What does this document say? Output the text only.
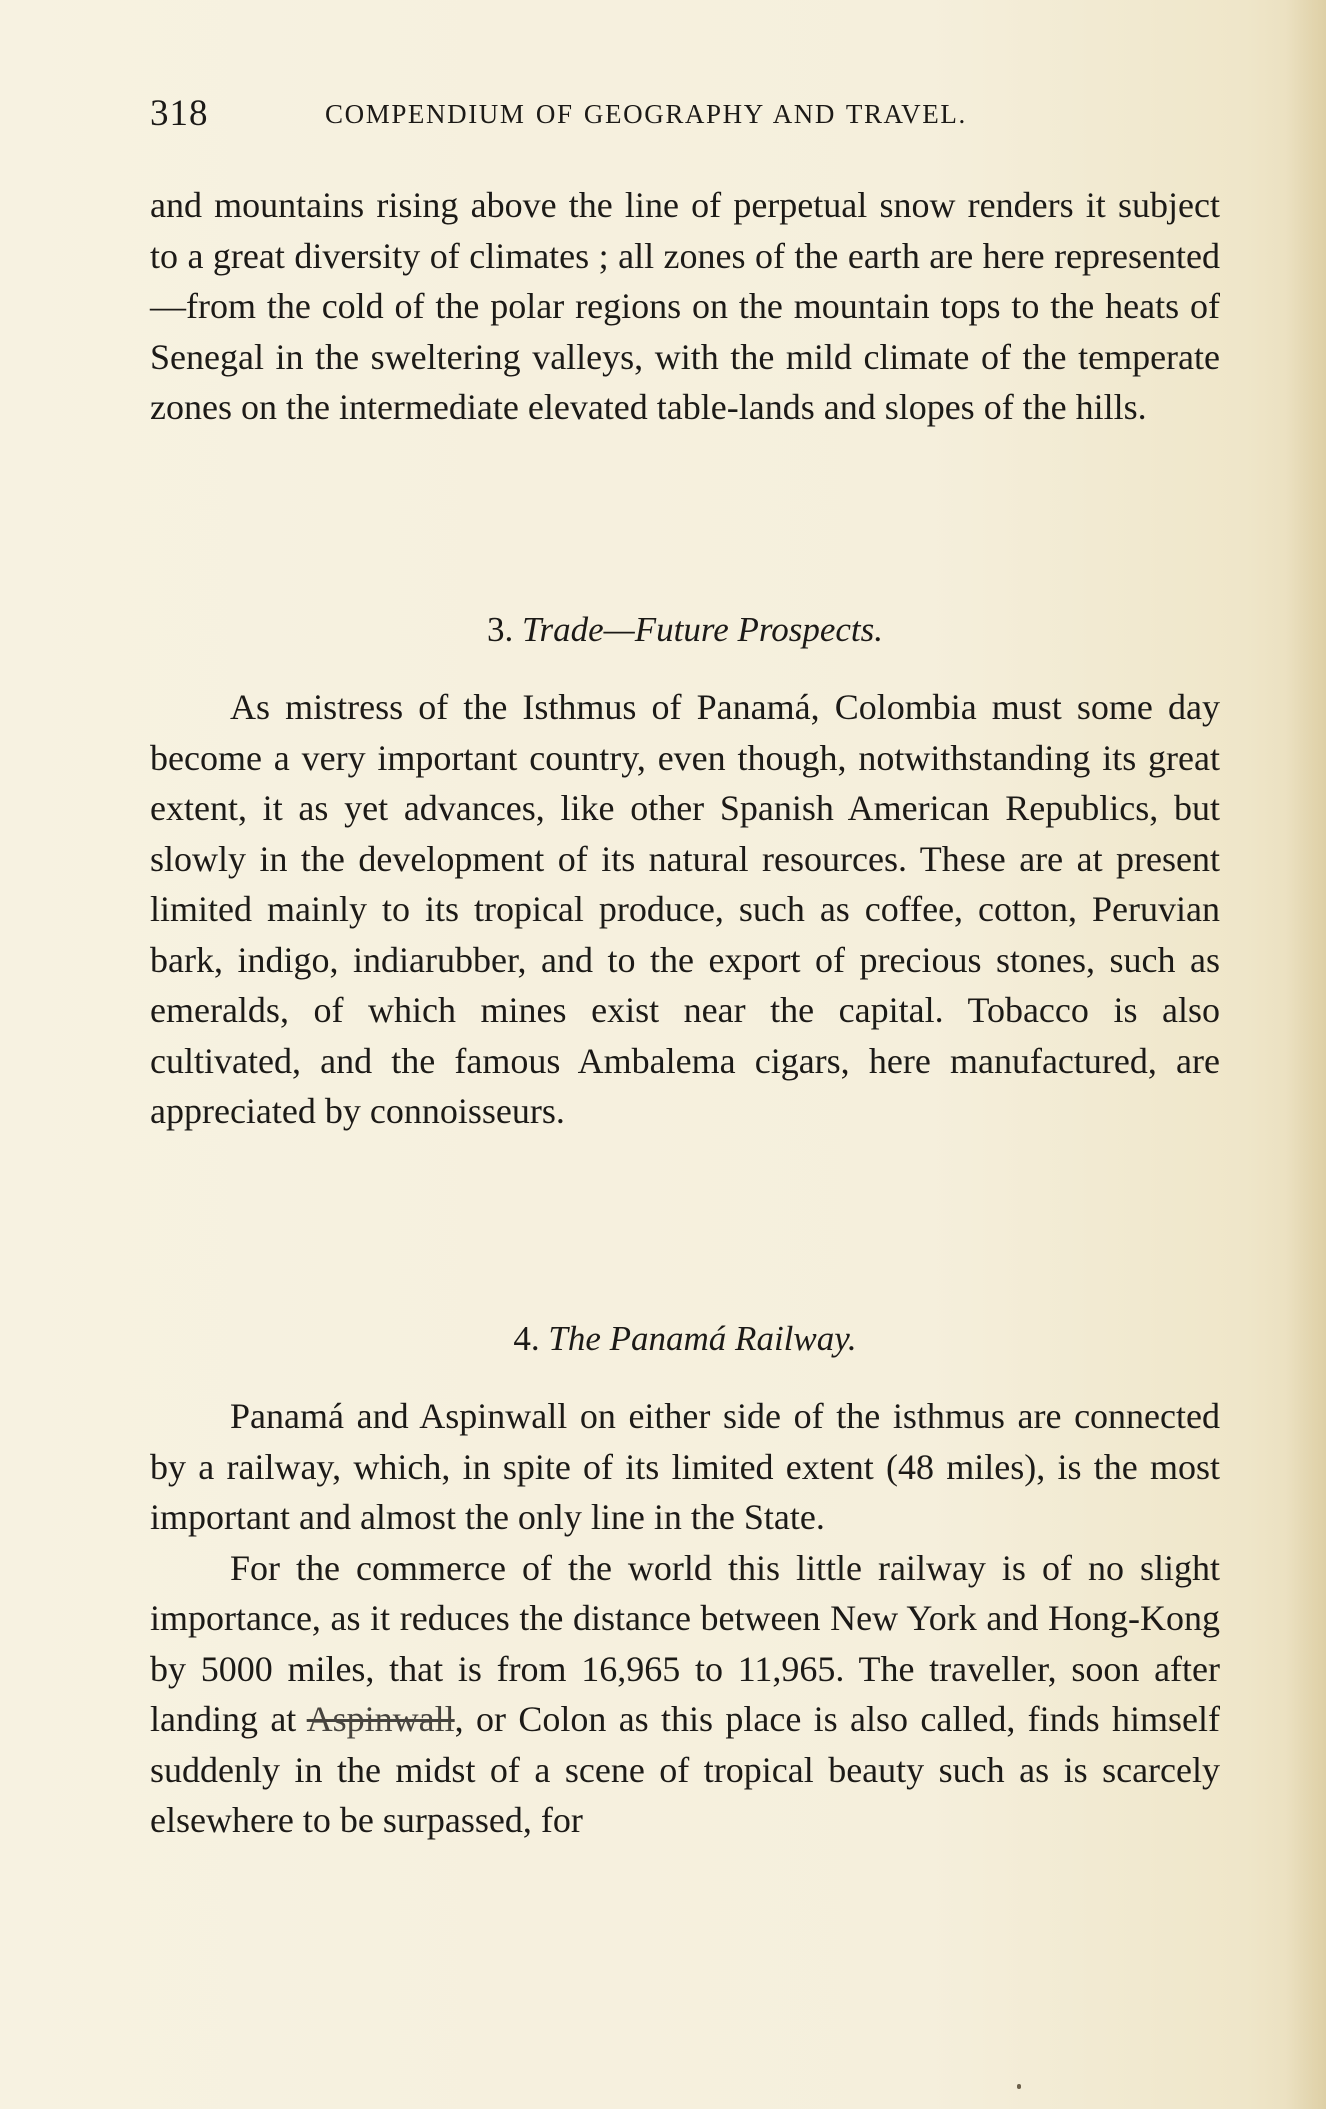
318	COMPENDIUM OF GEOGRAPHY AND TRAVEL.

and mountains rising above the line of perpetual snow renders it subject to a great diversity of climates ; all zones of the earth are here represented—from the cold of the polar regions on the mountain tops to the heats of Senegal in the sweltering valleys, with the mild climate of the temperate zones on the intermediate elevated table-lands and slopes of the hills.

3. Trade—Future Prospects.

As mistress of the Isthmus of Panamá, Colombia must some day become a very important country, even though, notwithstanding its great extent, it as yet advances, like other Spanish American Republics, but slowly in the development of its natural resources. These are at present limited mainly to its tropical produce, such as coffee, cotton, Peruvian bark, indigo, indiarubber, and to the export of precious stones, such as emeralds, of which mines exist near the capital. Tobacco is also cultivated, and the famous Ambalema cigars, here manufactured, are appreciated by connoisseurs.

4. The Panamá Railway.

Panamá and Aspinwall on either side of the isthmus are connected by a railway, which, in spite of its limited extent (48 miles), is the most important and almost the only line in the State.

For the commerce of the world this little railway is of no slight importance, as it reduces the distance between New York and Hong-Kong by 5000 miles, that is from 16,965 to 11,965. The traveller, soon after landing at Aspinwall, or Colon as this place is also called, finds himself suddenly in the midst of a scene of tropical beauty such as is scarcely elsewhere to be surpassed, for
